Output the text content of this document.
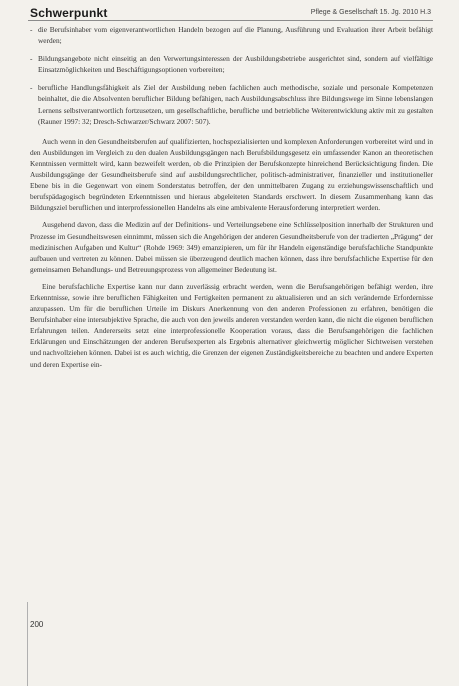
Schwerpunkt	Pflege & Gesellschaft 15. Jg. 2010 H.3
- die Berufsinhaber vom eigenverantwortlichen Handeln bezogen auf die Planung, Ausführung und Evaluation ihrer Arbeit befähigt werden;
- Bildungsangebote nicht einseitig an den Verwertungsinteressen der Ausbildungsbetriebe ausgerichtet sind, sondern auf vielfältige Einsatzmöglichkeiten und Beschäftigungsoptionen vorbereiten;
- berufliche Handlungsfähigkeit als Ziel der Ausbildung neben fachlichen auch methodische, soziale und personale Kompetenzen beinhaltet, die die Absolventen beruflicher Bildung befähigen, nach Ausbildungsabschluss ihre Bildungswege im Sinne lebenslangen Lernens selbstverantwortlich fortzusetzen, um gesellschaftliche, berufliche und betriebliche Weiterentwicklung aktiv mit zu gestalten (Rauner 1997: 32; Dresch-Schwarzer/Schwarz 2007: 507).

Auch wenn in den Gesundheitsberufen auf qualifizierten, hochspezialisierten und komplexen Anforderungen vorbereitet wird und in den Ausbildungen im Vergleich zu den dualen Ausbildungsgängen nach Berufsbildungsgesetz ein umfassender Kanon an theoretischen Kenntnissen vermittelt wird, kann bezweifelt werden, ob die Prinzipien der Berufskonzepte hinreichend Berücksichtigung finden. Die Ausbildungsgänge der Gesundheitsberufe sind auf ausbildungsrechtlicher, politisch-administrativer, finanzieller und institutioneller Ebene bis in die Gegenwart von einem Sonderstatus betroffen, der den unmittelbaren Zugang zu erziehungswissenschaftlich und berufspädagogisch begründeten Erkenntnissen und hieraus abgeleiteten Standards erschwert. In diesem Zusammenhang kann das Bildungsziel beruflichen und interprofessionellen Handelns als eine ambivalente Herausforderung interpretiert werden.

Ausgehend davon, dass die Medizin auf der Definitions- und Verteilungsebene eine Schlüsselposition innerhalb der Strukturen und Prozesse im Gesundheitswesen einnimmt, müssen sich die Angehörigen der anderen Gesundheitsberufe von der tradierten „Prägung“ der medizinischen Aufgaben und Kultur“ (Rohde 1969: 349) emanzipieren, um für ihr Handeln eigenständige berufsfachliche Standpunkte aufbauen und vertreten zu können. Dabei müssen sie überzeugend deutlich machen können, dass ihre berufsfachliche Expertise für den gemeinsamen Behandlungs- und Betreuungsprozess von allgemeiner Bedeutung ist.

Eine berufsfachliche Expertise kann nur dann zuverlässig erbracht werden, wenn die Berufsangehörigen befähigt werden, ihre Erkenntnisse, sowie ihre beruflichen Fähigkeiten und Fertigkeiten permanent zu aktualisieren und an sich verändernde Erfordernisse anzupassen. Um für die beruflichen Urteile im Diskurs Anerkennung von den anderen Professionen zu erfahren, benötigen die Berufsinhaber eine intersubjektive Sprache, die auch von den jeweils anderen verstanden werden kann, die nicht die eigenen beruflichen Erfahrungen teilen. Andererseits setzt eine interprofessionelle Kooperation voraus, dass die Berufsangehörigen die fachlichen Erklärungen und Einschätzungen der anderen Berufsexperten als Ergebnis alternativer gleichwertig möglicher Sichtweisen verstehen und nachvollziehen können. Dabei ist es auch wichtig, die Grenzen der eigenen Zuständigkeitsbereiche zu beachten und andere Experten und deren Expertise ein-

200
